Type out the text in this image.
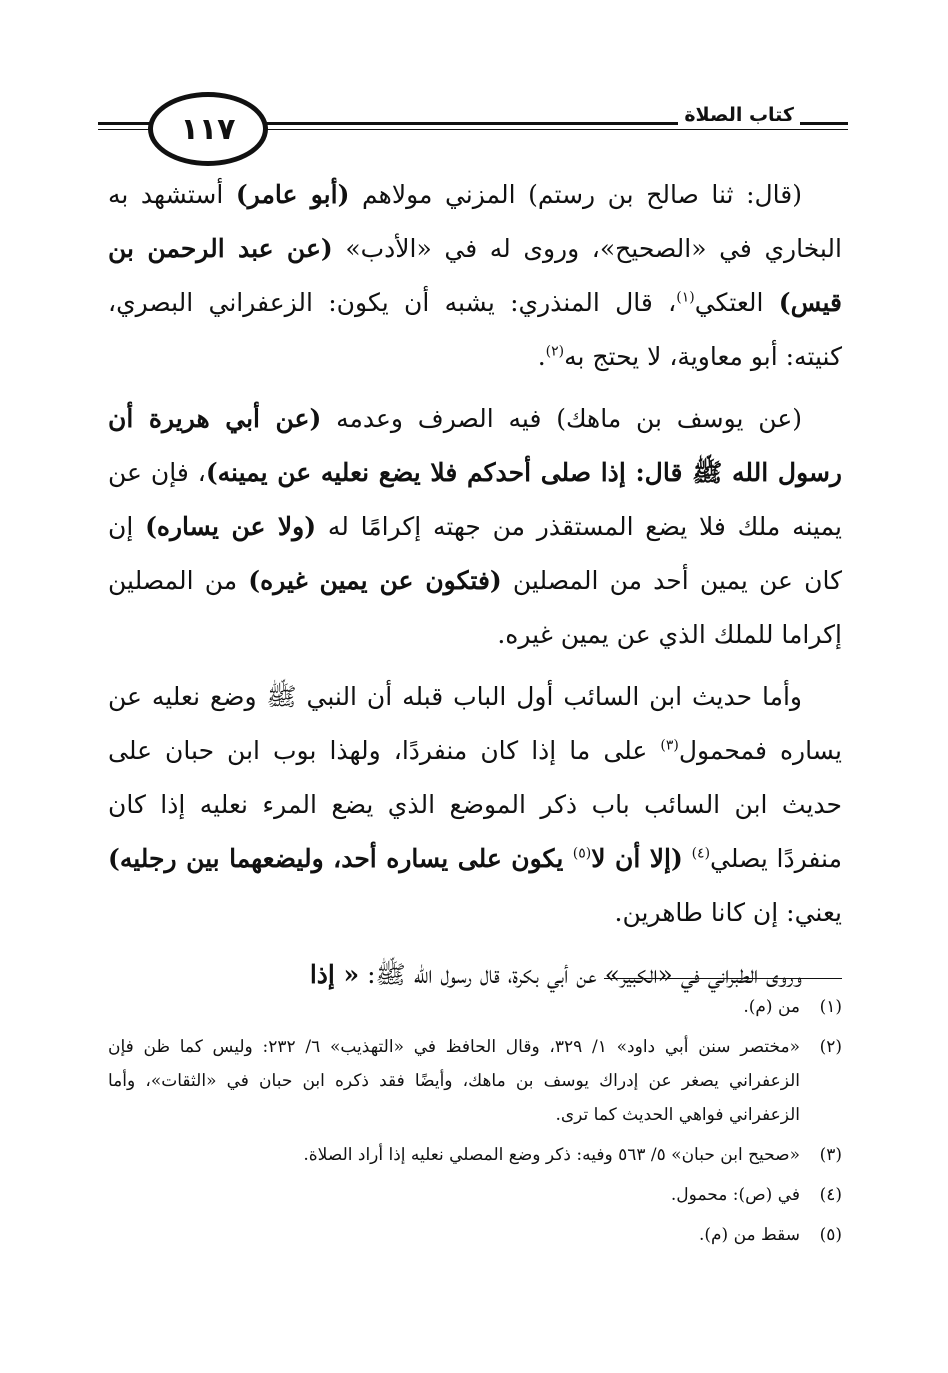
١١٧	كتاب الصلاة

(قال: ثنا صالح بن رستم) المزني مولاهم (أبو عامر) أستشهد به البخاري في «الصحيح»، وروى له في «الأدب» (عن عبد الرحمن بن قيس) العتكي$^{(١)}$، قال المنذري: يشبه أن يكون: الزعفراني البصري، كنيته: أبو معاوية، لا يحتج به$^{(٢)}$.

(عن يوسف بن ماهك) فيه الصرف وعدمه (عن أبي هريرة أن رسول الله ﷺ قال: إذا صلى أحدكم فلا يضع نعليه عن يمينه)، فإن عن يمينه ملك فلا يضع المستقذر من جهته إكرامًا له (ولا عن يساره) إن كان عن يمين أحد من المصلين (فتكون عن يمين غيره) من المصلين إكراما للملك الذي عن يمين غيره.

وأما حديث ابن السائب أول الباب قبله أن النبي ﷺ وضع نعليه عن يساره فمحمول$^{(٣)}$ على ما إذا كان منفردًا، ولهذا بوب ابن حبان على حديث ابن السائب باب ذكر الموضع الذي يضع المرء نعليه إذا كان منفردًا يصلي$^{(٤)}$ (إلا أن لا$^{(٥)}$ يكون على يساره أحد، وليضعهما بين رجليه) يعني: إن كانا طاهرين.

وروى الطبراني في «الكبير» عن أبي بكرة، قال رسول الله ﷺ: « إذا

(١)
من (م).
(٢)
«مختصر سنن أبي داود» ١/ ٣٢٩، وقال الحافظ في «التهذيب» ٦/ ٢٣٢: وليس كما ظن فإن الزعفراني يصغر عن إدراك يوسف بن ماهك، وأيضًا فقد ذكره ابن حبان في «الثقات»، وأما الزعفراني فواهي الحديث كما ترى.
(٣)
«صحيح ابن حبان» ٥/ ٥٦٣ وفيه: ذكر وضع المصلي نعليه إذا أراد الصلاة.
(٤)
في (ص): محمول.
(٥)
سقط من (م).
